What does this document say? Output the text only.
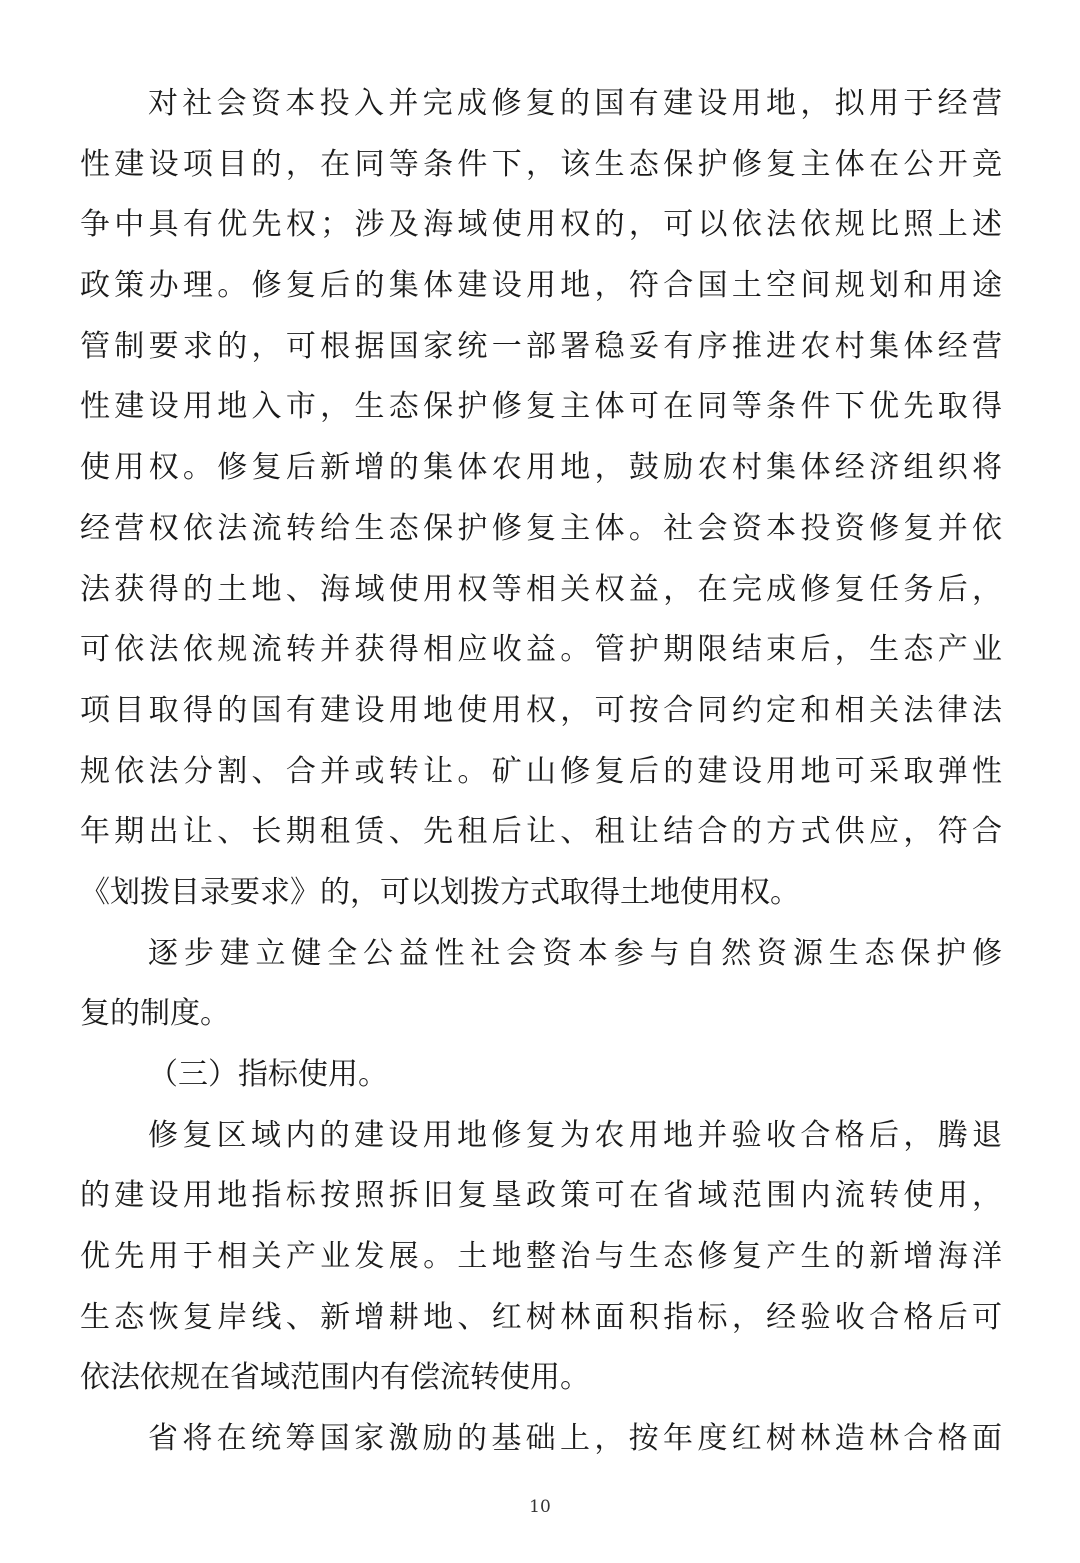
对社会资本投入并完成修复的国有建设用地，拟用于经营
性建设项目的，在同等条件下，该生态保护修复主体在公开竞
争中具有优先权；涉及海域使用权的，可以依法依规比照上述
政策办理。修复后的集体建设用地，符合国土空间规划和用途
管制要求的，可根据国家统一部署稳妥有序推进农村集体经营
性建设用地入市，生态保护修复主体可在同等条件下优先取得
使用权。修复后新增的集体农用地，鼓励农村集体经济组织将
经营权依法流转给生态保护修复主体。社会资本投资修复并依
法获得的土地、海域使用权等相关权益，在完成修复任务后，
可依法依规流转并获得相应收益。管护期限结束后，生态产业
项目取得的国有建设用地使用权，可按合同约定和相关法律法
规依法分割、合并或转让。矿山修复后的建设用地可采取弹性
年期出让、长期租赁、先租后让、租让结合的方式供应，符合
《划拨目录要求》的，可以划拨方式取得土地使用权。
逐步建立健全公益性社会资本参与自然资源生态保护修
复的制度。
（三）指标使用。
修复区域内的建设用地修复为农用地并验收合格后，腾退
的建设用地指标按照拆旧复垦政策可在省域范围内流转使用，
优先用于相关产业发展。土地整治与生态修复产生的新增海洋
生态恢复岸线、新增耕地、红树林面积指标，经验收合格后可
依法依规在省域范围内有偿流转使用。
省将在统筹国家激励的基础上，按年度红树林造林合格面
10
